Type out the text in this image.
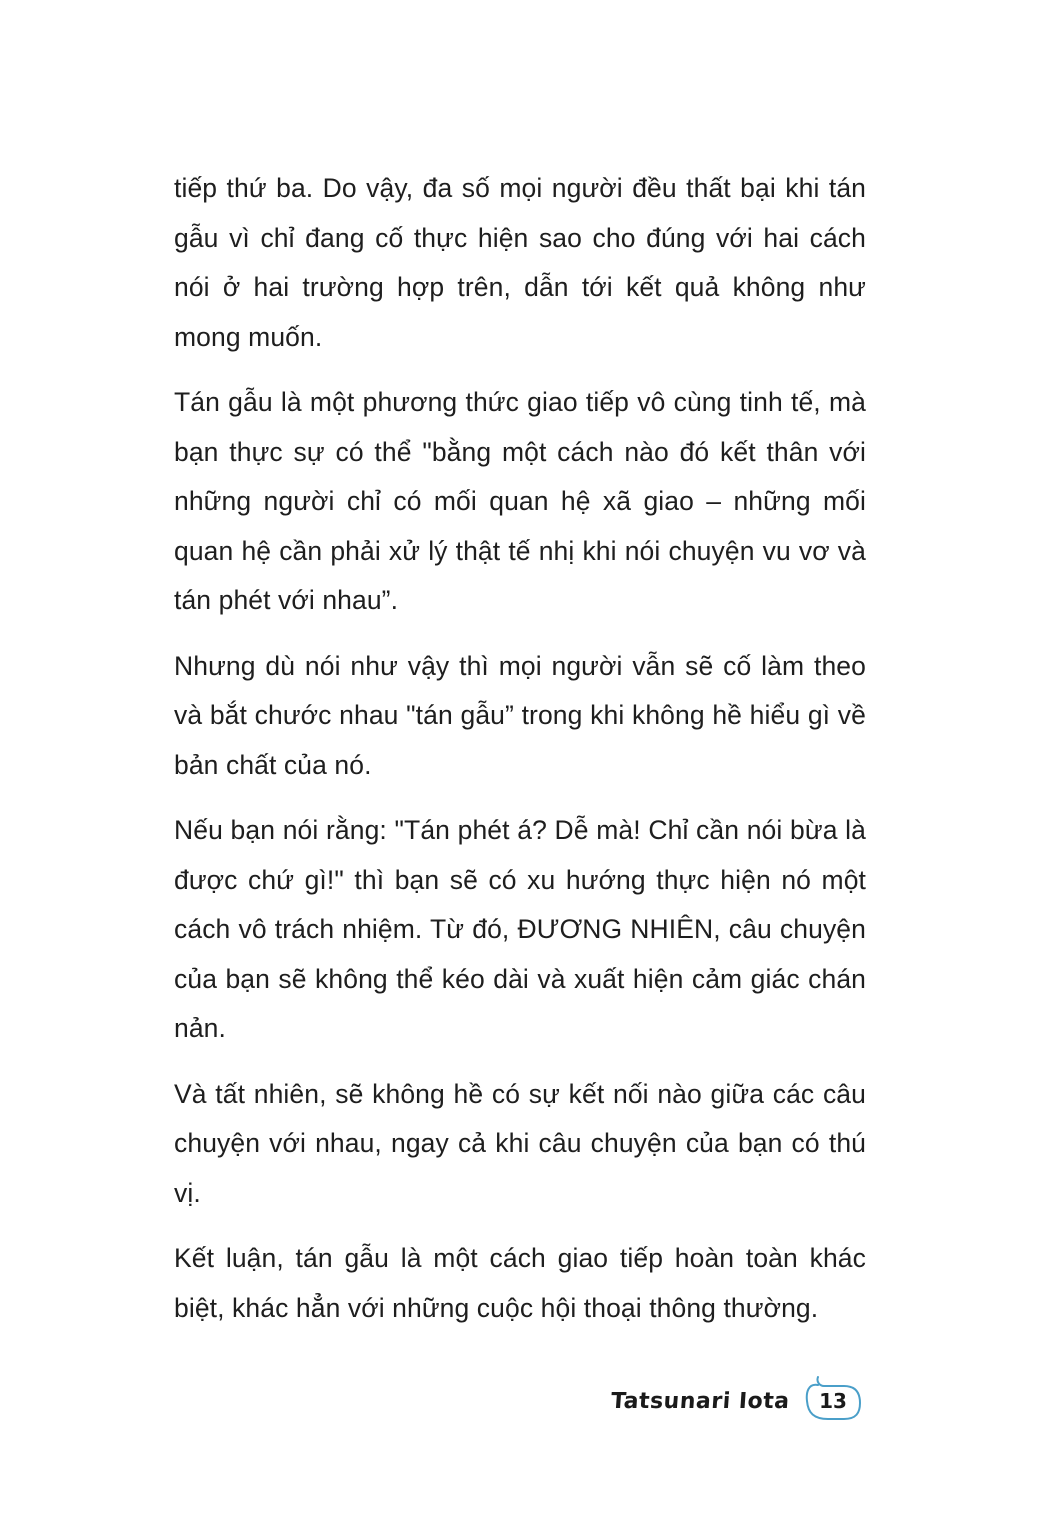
tiếp thứ ba. Do vậy, đa số mọi người đều thất bại khi tán gẫu vì chỉ đang cố thực hiện sao cho đúng với hai cách nói ở hai trường hợp trên, dẫn tới kết quả không như mong muốn.

Tán gẫu là một phương thức giao tiếp vô cùng tinh tế, mà bạn thực sự có thể "bằng một cách nào đó kết thân với những người chỉ có mối quan hệ xã giao – những mối quan hệ cần phải xử lý thật tế nhị khi nói chuyện vu vơ và tán phét với nhau”.

Nhưng dù nói như vậy thì mọi người vẫn sẽ cố làm theo và bắt chước nhau "tán gẫu” trong khi không hề hiểu gì về bản chất của nó.

Nếu bạn nói rằng: "Tán phét á? Dễ mà! Chỉ cần nói bừa là được chứ gì!" thì bạn sẽ có xu hướng thực hiện nó một cách vô trách nhiệm. Từ đó, ĐƯƠNG NHIÊN, câu chuyện của bạn sẽ không thể kéo dài và xuất hiện cảm giác chán nản.

Và tất nhiên, sẽ không hề có sự kết nối nào giữa các câu chuyện với nhau, ngay cả khi câu chuyện của bạn có thú vị.

Kết luận, tán gẫu là một cách giao tiếp hoàn toàn khác biệt, khác hẳn với những cuộc hội thoại thông thường.

Tatsunari Iota 13
